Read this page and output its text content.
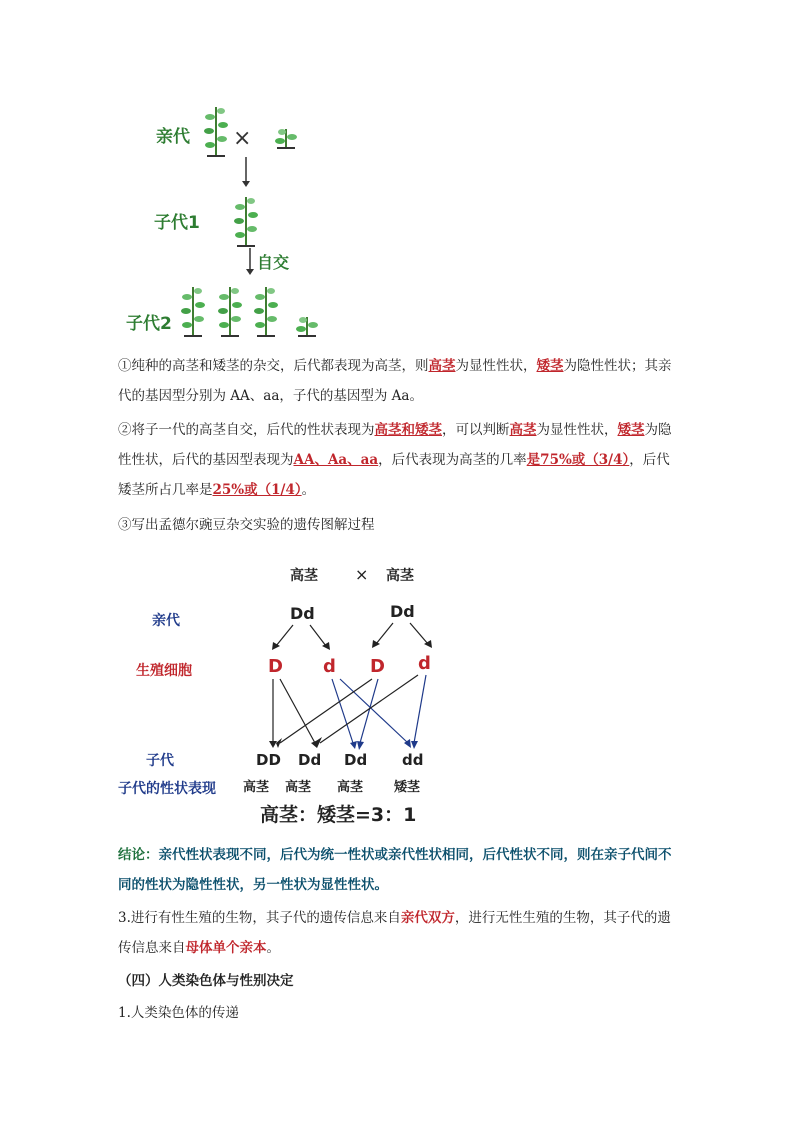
亲代 ×
子代1
自交
子代2

①纯种的高茎和矮茎的杂交，后代都表现为高茎，则高茎为显性性状，矮茎为隐性性状；其亲代的基因型分别为 AA、aa，子代的基因型为 Aa。

②将子一代的高茎自交，后代的性状表现为高茎和矮茎，可以判断高茎为显性性状，矮茎为隐性性状，后代的基因型表现为AA、Aa、aa，后代表现为高茎的几率是75%或（3/4），后代矮茎所占几率是25%或（1/4）。

③写出孟德尔豌豆杂交实验的遗传图解过程

高茎 × 高茎
亲代
生殖细胞
子代
子代的性状表现
Dd	Dd
D d D d
DD Dd Dd dd
高茎 高茎 高茎 矮茎
高茎：矮茎=3：1

结论：亲代性状表现不同，后代为统一性状或亲代性状相同，后代性状不同，则在亲子代间不同的性状为隐性性状，另一性状为显性性状。

3.进行有性生殖的生物，其子代的遗传信息来自亲代双方，进行无性生殖的生物，其子代的遗传信息来自母体单个亲本。

（四）人类染色体与性别决定

1.人类染色体的传递
